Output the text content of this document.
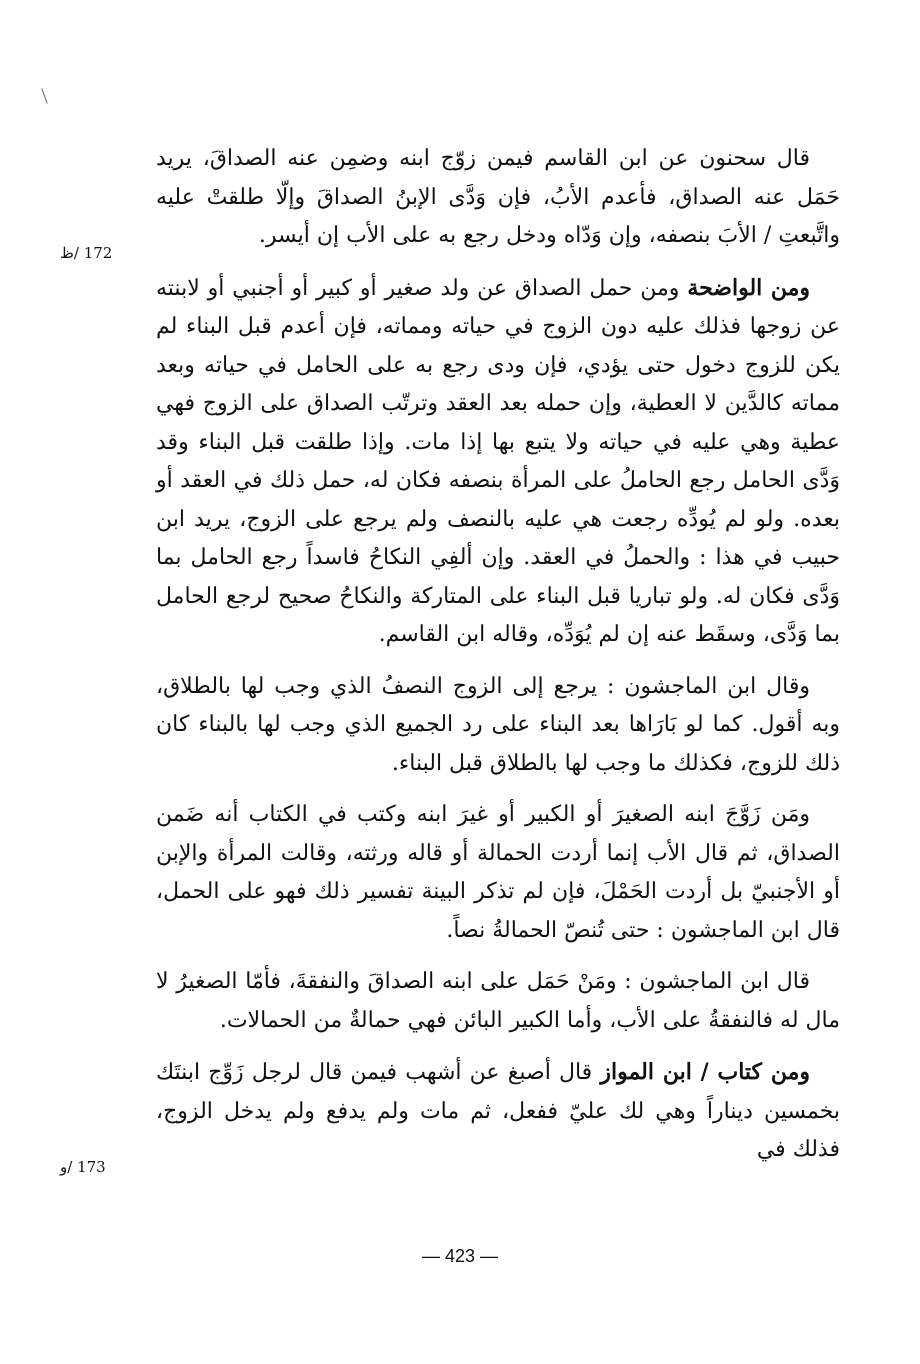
172 /ظ
173 /و

قال سحنون عن ابن القاسم فيمن زوّج ابنه وضمِن عنه الصداقَ، يريد حَمَل عنه الصداق، فأعدم الأبُ، فإن وَدَّى الإبنُ الصداقَ وإلّا طلقتْ عليه واتَّبعتِ / الأبَ بنصفه، وإن وَدّاه ودخل رجع به على الأب إن أيسر.

ومن الواضحة ومن حمل الصداق عن ولد صغير أو كبير أو أجنبي أو لابنته عن زوجها فذلك عليه دون الزوج في حياته ومماته، فإن أعدم قبل البناء لم يكن للزوج دخول حتى يؤدي، فإن ودى رجع به على الحامل في حياته وبعد مماته كالدَّين لا العطية، وإن حمله بعد العقد وترتّب الصداق على الزوج فهي عطية وهي عليه في حياته ولا يتبع بها إذا مات. وإذا طلقت قبل البناء وقد وَدَّى الحامل رجع الحاملُ على المرأة بنصفه فكان له، حمل ذلك في العقد أو بعده. ولو لم يُودِّه رجعت هي عليه بالنصف ولم يرجع على الزوج، يريد ابن حبيب في هذا : والحملُ في العقد. وإن ألفِي النكاحُ فاسداً رجع الحامل بما وَدَّى فكان له. ولو تباريا قبل البناء على المتاركة والنكاحُ صحيح لرجع الحامل بما وَدَّى، وسقَط عنه إن لم يُوَدِّه، وقاله ابن القاسم.

وقال ابن الماجشون : يرجع إلى الزوج النصفُ الذي وجب لها بالطلاق، وبه أقول. كما لو بَارَاها بعد البناء على رد الجميع الذي وجب لها بالبناء كان ذلك للزوج، فكذلك ما وجب لها بالطلاق قبل البناء.

ومَن زَوَّجَ ابنه الصغيرَ أو الكبير أو غيرَ ابنه وكتب في الكتاب أنه ضَمن الصداق، ثم قال الأب إنما أردت الحمالة أو قاله ورثته، وقالت المرأة والإبن أو الأجنبيّ بل أردت الحَمْلَ، فإن لم تذكر البينة تفسير ذلك فهو على الحمل، قال ابن الماجشون : حتى تُنصّ الحمالةُ نصاً.

قال ابن الماجشون : ومَنْ حَمَل على ابنه الصداقَ والنفقةَ، فأمّا الصغيرُ لا مال له فالنفقةُ على الأب، وأما الكبير البائن فهي حمالةٌ من الحمالات.

ومن كتاب / ابن المواز قال أصبغ عن أشهب فيمن قال لرجل زَوِّج ابنتَك بخمسين ديناراً وهي لك عليّ ففعل، ثم مات ولم يدفع ولم يدخل الزوج، فذلك في

— 423 —
